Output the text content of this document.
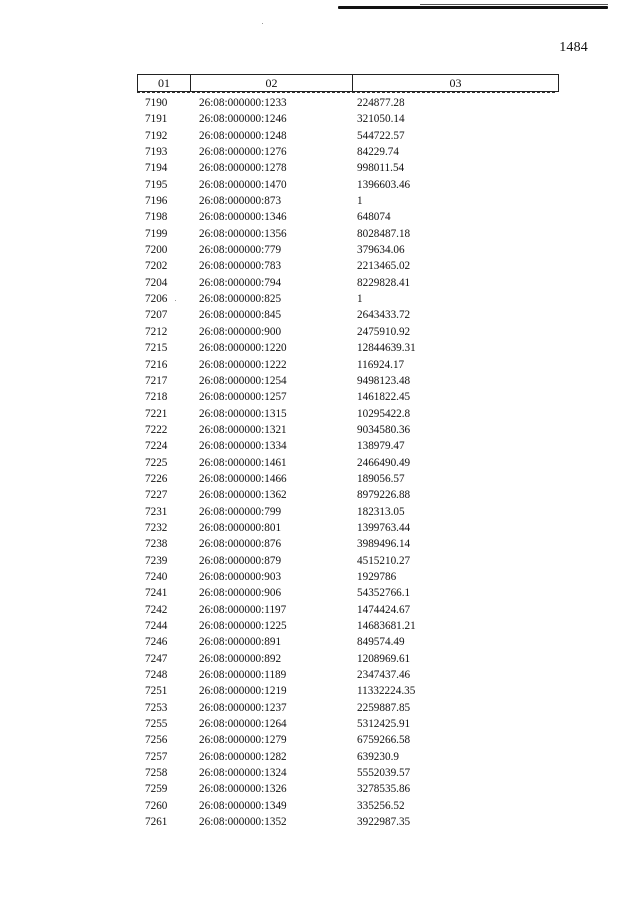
1484
01	02	03
7190	26:08:000000:1233	224877.28
7191	26:08:000000:1246	321050.14
7192	26:08:000000:1248	544722.57
7193	26:08:000000:1276	84229.74
7194	26:08:000000:1278	998011.54
7195	26:08:000000:1470	1396603.46
7196	26:08:000000:873	1
7198	26:08:000000:1346	648074
7199	26:08:000000:1356	8028487.18
7200	26:08:000000:779	379634.06
7202	26:08:000000:783	2213465.02
7204	26:08:000000:794	8229828.41
7206	26:08:000000:825	1
7207	26:08:000000:845	2643433.72
7212	26:08:000000:900	2475910.92
7215	26:08:000000:1220	12844639.31
7216	26:08:000000:1222	116924.17
7217	26:08:000000:1254	9498123.48
7218	26:08:000000:1257	1461822.45
7221	26:08:000000:1315	10295422.8
7222	26:08:000000:1321	9034580.36
7224	26:08:000000:1334	138979.47
7225	26:08:000000:1461	2466490.49
7226	26:08:000000:1466	189056.57
7227	26:08:000000:1362	8979226.88
7231	26:08:000000:799	182313.05
7232	26:08:000000:801	1399763.44
7238	26:08:000000:876	3989496.14
7239	26:08:000000:879	4515210.27
7240	26:08:000000:903	1929786
7241	26:08:000000:906	54352766.1
7242	26:08:000000:1197	1474424.67
7244	26:08:000000:1225	14683681.21
7246	26:08:000000:891	849574.49
7247	26:08:000000:892	1208969.61
7248	26:08:000000:1189	2347437.46
7251	26:08:000000:1219	11332224.35
7253	26:08:000000:1237	2259887.85
7255	26:08:000000:1264	5312425.91
7256	26:08:000000:1279	6759266.58
7257	26:08:000000:1282	639230.9
7258	26:08:000000:1324	5552039.57
7259	26:08:000000:1326	3278535.86
7260	26:08:000000:1349	335256.52
7261	26:08:000000:1352	3922987.35
